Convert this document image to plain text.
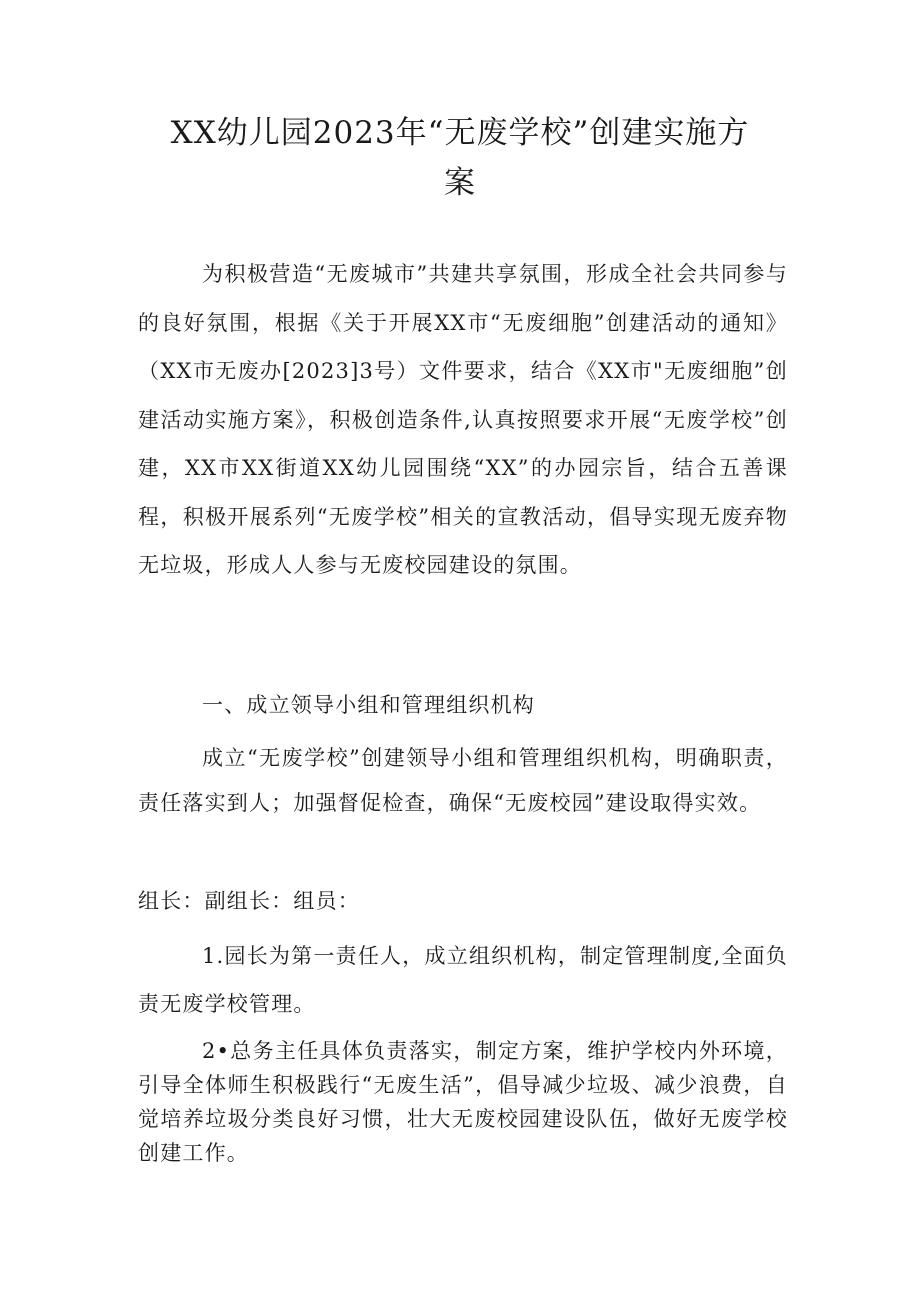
XX幼儿园2023年“无废学校”创建实施方
案

为积极营造“无废城市”共建共享氛围，形成全社会共同参与的良好氛围，根据《关于开展XX市“无废细胞”创建活动的通知》（XX市无废办[2023]3号）文件要求，结合《XX市"无废细胞”创建活动实施方案》，积极创造条件,认真按照要求开展“无废学校”创建，XX市XX街道XX幼儿园围绕“XX”的办园宗旨，结合五善课程，积极开展系列“无废学校”相关的宣教活动，倡导实现无废弃物无垃圾，形成人人参与无废校园建设的氛围。

一、成立领导小组和管理组织机构

成立“无废学校”创建领导小组和管理组织机构，明确职责，责任落实到人；加强督促检查，确保“无废校园”建设取得实效。

组长：副组长：组员：

1.园长为第一责任人，成立组织机构，制定管理制度,全面负责无废学校管理。

2•总务主任具体负责落实，制定方案，维护学校内外环境，引导全体师生积极践行“无废生活”，倡导减少垃圾、减少浪费，自觉培养垃圾分类良好习惯，壮大无废校园建设队伍，做好无废学校创建工作。
